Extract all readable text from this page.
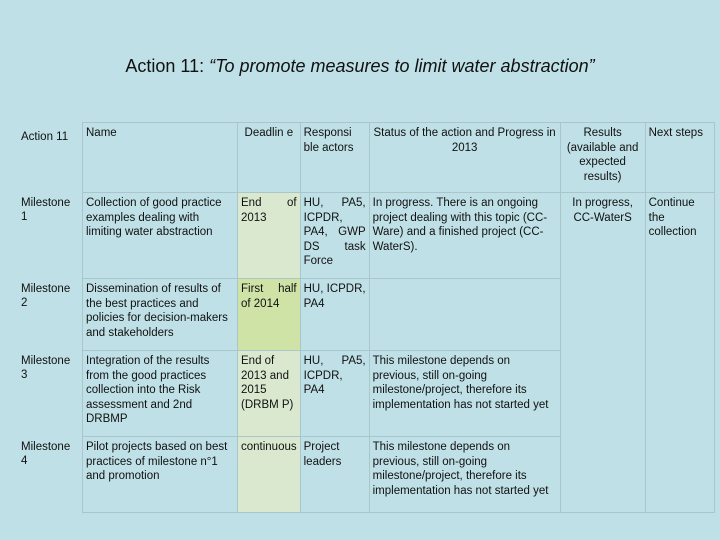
Action 11: “To promote measures to limit water abstraction”
Action 11	Name	Deadlin e	Responsi ble actors	Status of the action and Progress in 2013	Results (available and expected results)	Next steps
Milestone 1	Collection of good practice examples dealing with limiting water abstraction	End of 2013	HU, PA5, ICPDR, PA4, GWP DS task Force	In progress. There is an ongoing project dealing with this topic (CC-Ware) and a finished project (CC-WaterS).	In progress, CC-WaterS	Continue the collection
Milestone 2	Dissemination of results of the best practices and policies for decision-makers and stakeholders	First half of 2014	HU, ICPDR, PA4			
Milestone 3	Integration of the results from the good practices collection into the Risk assessment and 2nd DRBMP	End of 2013 and 2015 (DRBM P)	HU, PA5, ICPDR, PA4	This milestone depends on previous, still on-going milestone/project, therefore its implementation has not started yet		
Milestone 4	Pilot projects based on best practices of milestone n°1 and promotion	continuous	Project leaders	This milestone depends on previous, still on-going milestone/project, therefore its implementation has not started yet		
